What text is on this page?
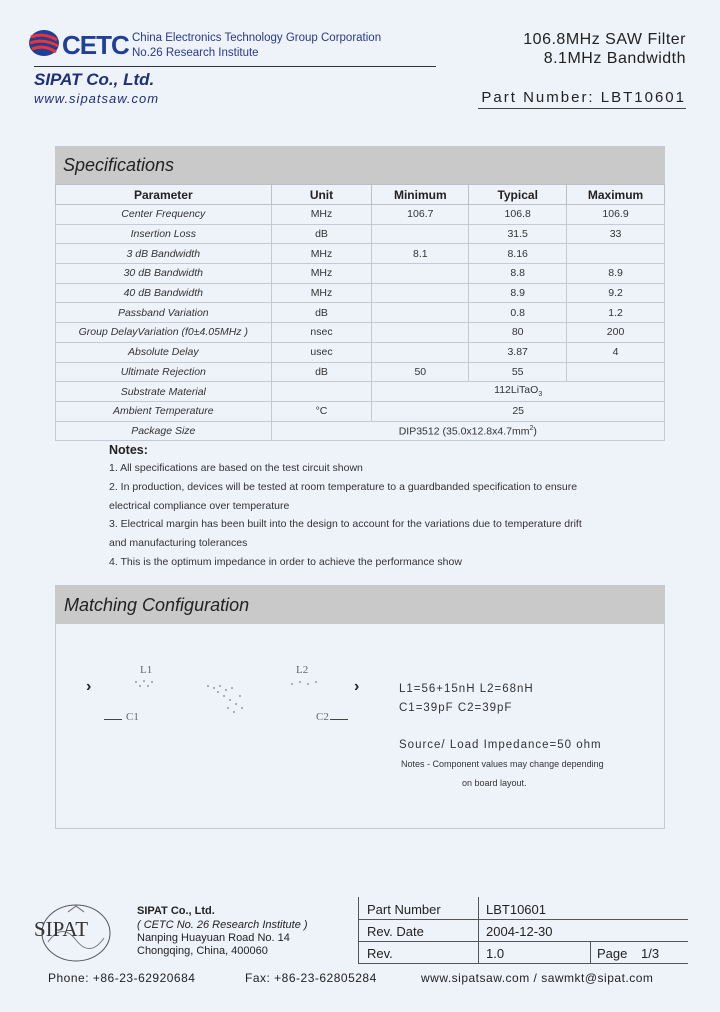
CETC China Electronics Technology Group Corporation
No.26 Research Institute
SIPAT Co., Ltd.
www.sipatsaw.com
106.8MHz SAW Filter
8.1MHz Bandwidth
Part Number: LBT10601
Specifications
Parameter	Unit	Minimum	Typical	Maximum
Center Frequency	MHz	106.7	106.8	106.9
Insertion Loss	dB		31.5	33
3 dB Bandwidth	MHz	8.1	8.16	
30 dB Bandwidth	MHz		8.8	8.9
40 dB Bandwidth	MHz		8.9	9.2
Passband Variation	dB		0.8	1.2
Group DelayVariation (f0±4.05MHz )	nsec		80	200
Absolute Delay	usec		3.87	4
Ultimate Rejection	dB	50	55	
Substrate Material		112LiTaO$_3$
Ambient Temperature	°C	25		
Package Size	DIP3512 $(35.0x12.8x4.7mm^2)$			
Notes:
1. All specifications are based on the test circuit shown
2. In production, devices will be tested at room temperature to a guardbanded specification to ensure
electrical compliance over temperature
3. Electrical margin has been built into the design to account for the variations due to temperature drift
and manufacturing tolerances
4. This is the optimum impedance in order to achieve the performance show
Matching Configuration
›	›
L1	L2
C1	C2
L1=56+15nH L2=68nH
C1=39pF C2=39pF
Source/ Load Impedance=50 ohm
Notes - Component values may change depending
on board layout.
SIPAT
SIPAT Co., Ltd.
( CETC No. 26 Research Institute )
Nanping Huayuan Road No. 14
Chongqing, China, 400060
Part Number	LBT10601
Rev. Date	2004-12-30
Rev.	1.0	Page 1/3
Phone: +86-23-62920684	Fax: +86-23-62805284	www.sipatsaw.com / sawmkt@sipat.com
